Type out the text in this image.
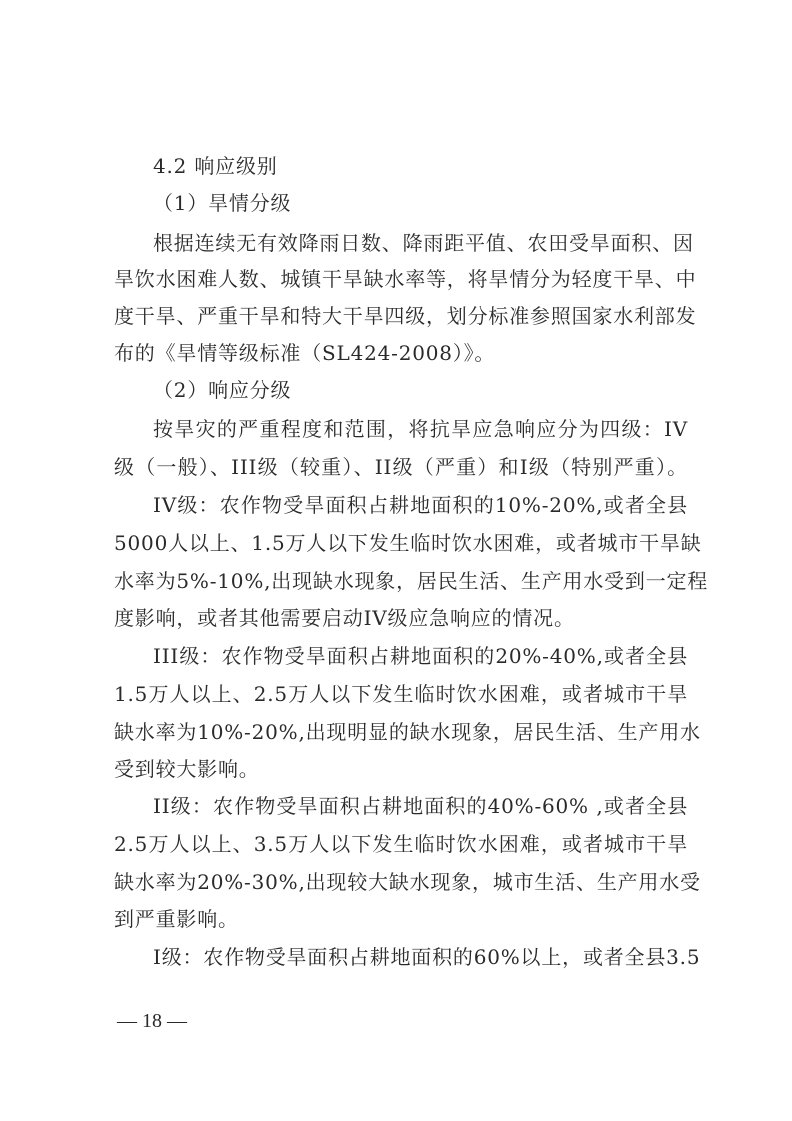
4.2 响应级别
（1）旱情分级
根据连续无有效降雨日数、降雨距平值、农田受旱面积、因
旱饮水困难人数、城镇干旱缺水率等，将旱情分为轻度干旱、中
度干旱、严重干旱和特大干旱四级，划分标准参照国家水利部发
布的《旱情等级标准（SL424-2008）》。
（2）响应分级
按旱灾的严重程度和范围，将抗旱应急响应分为四级：IV
级（一般）、III级（较重）、II级（严重）和I级（特别严重）。
IV级：农作物受旱面积占耕地面积的10%-20%,或者全县
5000人以上、1.5万人以下发生临时饮水困难，或者城市干旱缺
水率为5%-10%,出现缺水现象，居民生活、生产用水受到一定程
度影响，或者其他需要启动IV级应急响应的情况。
III级：农作物受旱面积占耕地面积的20%-40%,或者全县
1.5万人以上、2.5万人以下发生临时饮水困难，或者城市干旱
缺水率为10%-20%,出现明显的缺水现象，居民生活、生产用水
受到较大影响。
II级：农作物受旱面积占耕地面积的40%-60% ,或者全县
2.5万人以上、3.5万人以下发生临时饮水困难，或者城市干旱
缺水率为20%-30%,出现较大缺水现象，城市生活、生产用水受
到严重影响。
I级：农作物受旱面积占耕地面积的60%以上，或者全县3.5
— 18 —
